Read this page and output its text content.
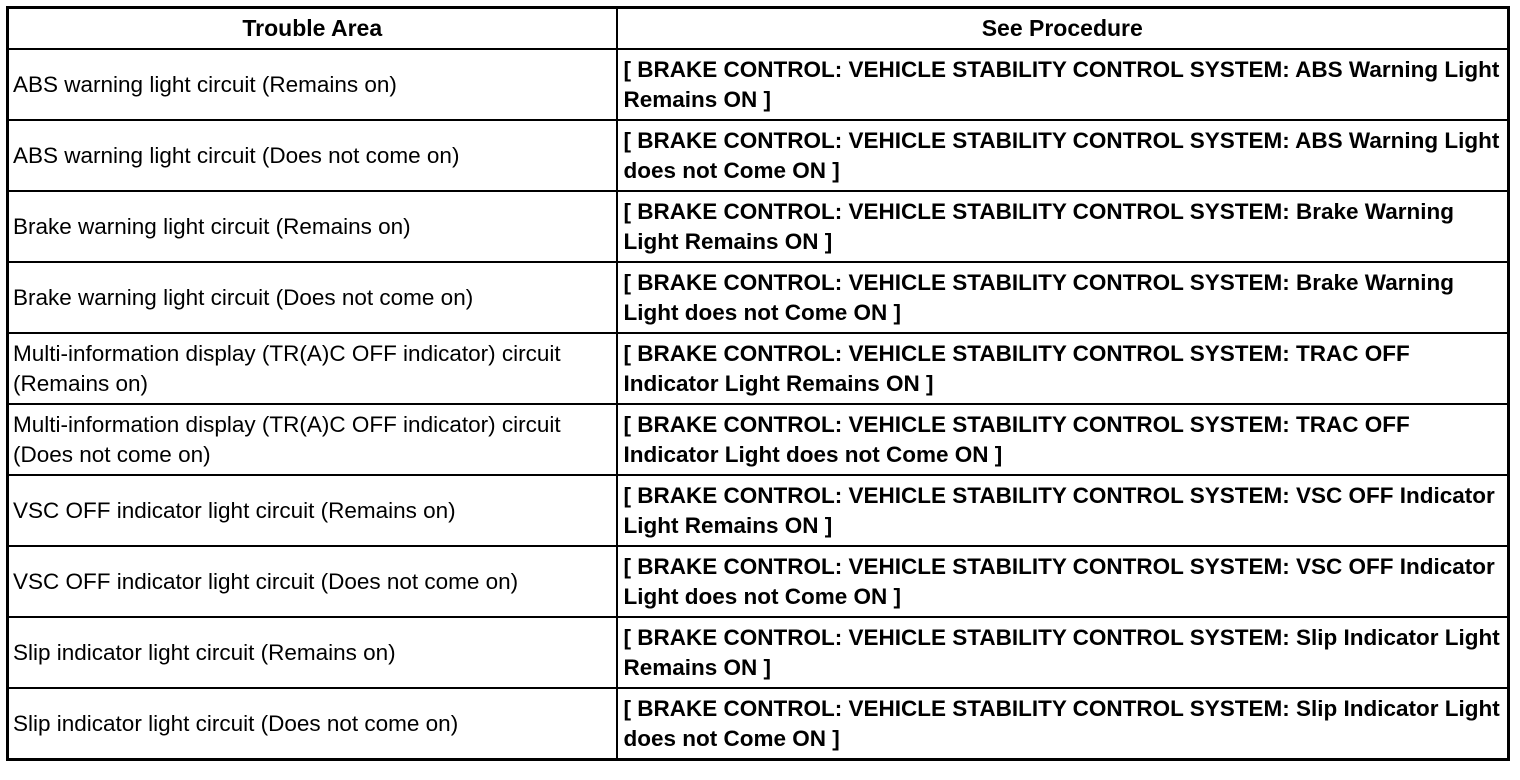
Trouble Area	See Procedure
ABS warning light circuit (Remains on)	[ BRAKE CONTROL: VEHICLE STABILITY CONTROL SYSTEM: ABS Warning Light Remains ON ]
ABS warning light circuit (Does not come on)	[ BRAKE CONTROL: VEHICLE STABILITY CONTROL SYSTEM: ABS Warning Light does not Come ON ]
Brake warning light circuit (Remains on)	[ BRAKE CONTROL: VEHICLE STABILITY CONTROL SYSTEM: Brake Warning Light Remains ON ]
Brake warning light circuit (Does not come on)	[ BRAKE CONTROL: VEHICLE STABILITY CONTROL SYSTEM: Brake Warning Light does not Come ON ]
Multi-information display (TR(A)C OFF indicator) circuit (Remains on)	[ BRAKE CONTROL: VEHICLE STABILITY CONTROL SYSTEM: TRAC OFF Indicator Light Remains ON ]
Multi-information display (TR(A)C OFF indicator) circuit (Does not come on)	[ BRAKE CONTROL: VEHICLE STABILITY CONTROL SYSTEM: TRAC OFF Indicator Light does not Come ON ]
VSC OFF indicator light circuit (Remains on)	[ BRAKE CONTROL: VEHICLE STABILITY CONTROL SYSTEM: VSC OFF Indicator Light Remains ON ]
VSC OFF indicator light circuit (Does not come on)	[ BRAKE CONTROL: VEHICLE STABILITY CONTROL SYSTEM: VSC OFF Indicator Light does not Come ON ]
Slip indicator light circuit (Remains on)	[ BRAKE CONTROL: VEHICLE STABILITY CONTROL SYSTEM: Slip Indicator Light Remains ON ]
Slip indicator light circuit (Does not come on)	[ BRAKE CONTROL: VEHICLE STABILITY CONTROL SYSTEM: Slip Indicator Light does not Come ON ]
